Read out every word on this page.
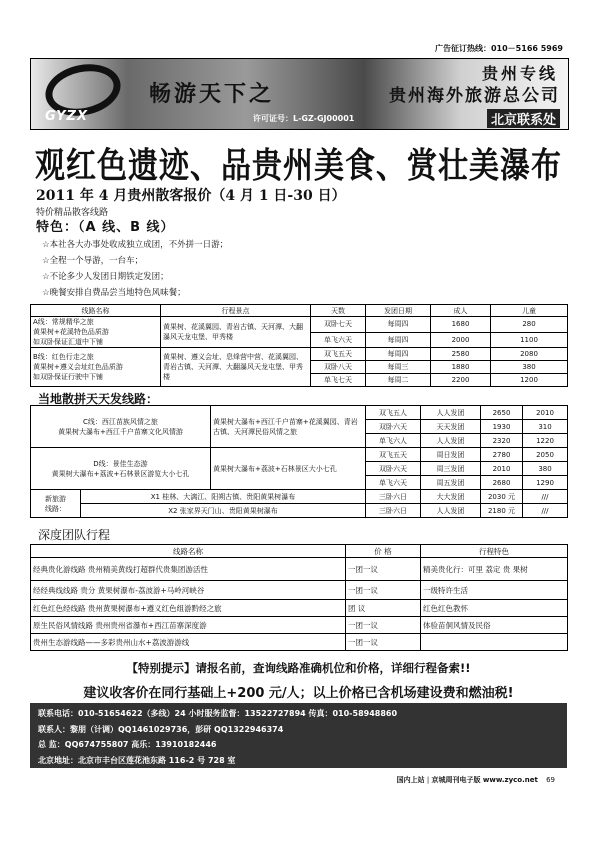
广告征订热线：010－5166 5969
GYZX
畅游天下之
贵州专线
贵州海外旅游总公司
许可证号：L-GZ-GJ00001	北京联系处
观红色遗迹、品贵州美食、赏壮美瀑布
2011 年 4 月贵州散客报价（4 月 1 日-30 日）
特价精品散客线路
特色：（A 线、B 线）
☆本社各大办事处收成独立成团，不外拼一日游；
☆全程一个导游，一台车；
☆不论多少人发团日期铁定发团；
☆晚餐安排自费品尝当地特色风味餐；
线路名称	行程景点	天数	发团日期	成人	儿童

A线：常规精华之旅
黄果树+花溪特色品质游
如双卧保证汇道中下铺	黄果树、花溪翼园、青岩古镇、天河潭、大翻瀑风天龙屯堡、甲秀楼	双卧七天	每周四	1680	280
		单飞六天	每周四	2000	1100

B线：红色行走之旅
黄果树+遵义会址红色品质游
如双卧保证行驶中下铺	黄果树、遵义会址、息烽营中营、花溪翼园、青岩古镇、天河潭、大翻瀑风天龙屯堡、甲秀楼	双飞五天	每周四	2580	2080
		双卧八天	每周三	1880	380
		单飞七天	每周二	2200	1200
当地散拼天天发线路：
C线：西江苗族风情之旅
黄果树大瀑布+西江千户苗寨文化风情游		黄果树大瀑布+西江千户苗寨+花溪翼园、青岩古镇、天河潭民俗风情之旅	双飞五人	人人发团	2650	2010
			双卧六天	天天发团	1930	310
			单飞六人	人人发团	2320	1220

D线：景佳生态游
黄果树大瀑布+荔波+石林景区游览大小七孔		黄果树大瀑布+荔波+石林景区大小七孔	双飞五天	周日发团	2780	2050
			双卧六天	周三发团	2010	380
			单飞六天	周五发团	2680	1290

新旅游
线路：	X1 桂林、大漓江、阳朔古镇、贵阳黄果树瀑布		三卧六日	大大发团	2030 元	///
	X2 张家界天门山、贵阳黄果树瀑布		三卧六日	人人发团	2180 元	///
深度团队行程
线路名称	价 格	行程特色
经典贵化游线路 贵州精美黄线打超群代贵集团游活性	一团一议	精美贵化行：可里 荔定 贵 果树
经经典线线路 贵分 黄果树瀑布-荔波游+马岭河峡谷	一团一议	一级特许生活
红色红色经线路 贵州黄果树瀑布+遵义红色组游黔经之旅	团 议	红色红色教怀
原生民俗风情线路 贵州贵州省瀑布+西江苗寨深度游	一团一议	体验苗侗风情及民俗
贵州生态游线路——多彩贵州山水+荔波游游线	一团一议	
【特别提示】请报名前，查询线路准确机位和价格，详细行程备索!!
建议收客价在同行基础上+200 元/人；以上价格已含机场建设费和燃油税!
联系电话：010-51654622（多线）24 小时服务监督：13522727894 传真：010-58948860
联系人：黎朋（计调）QQ1461029736，彭研 QQ1322946374
总 监：QQ674755807 高乐：13910182446
北京地址：北京市丰台区莲花池东路 116-2 号 728 室
国内上站 | 京城周刊电子版 www.zyco.net 69
